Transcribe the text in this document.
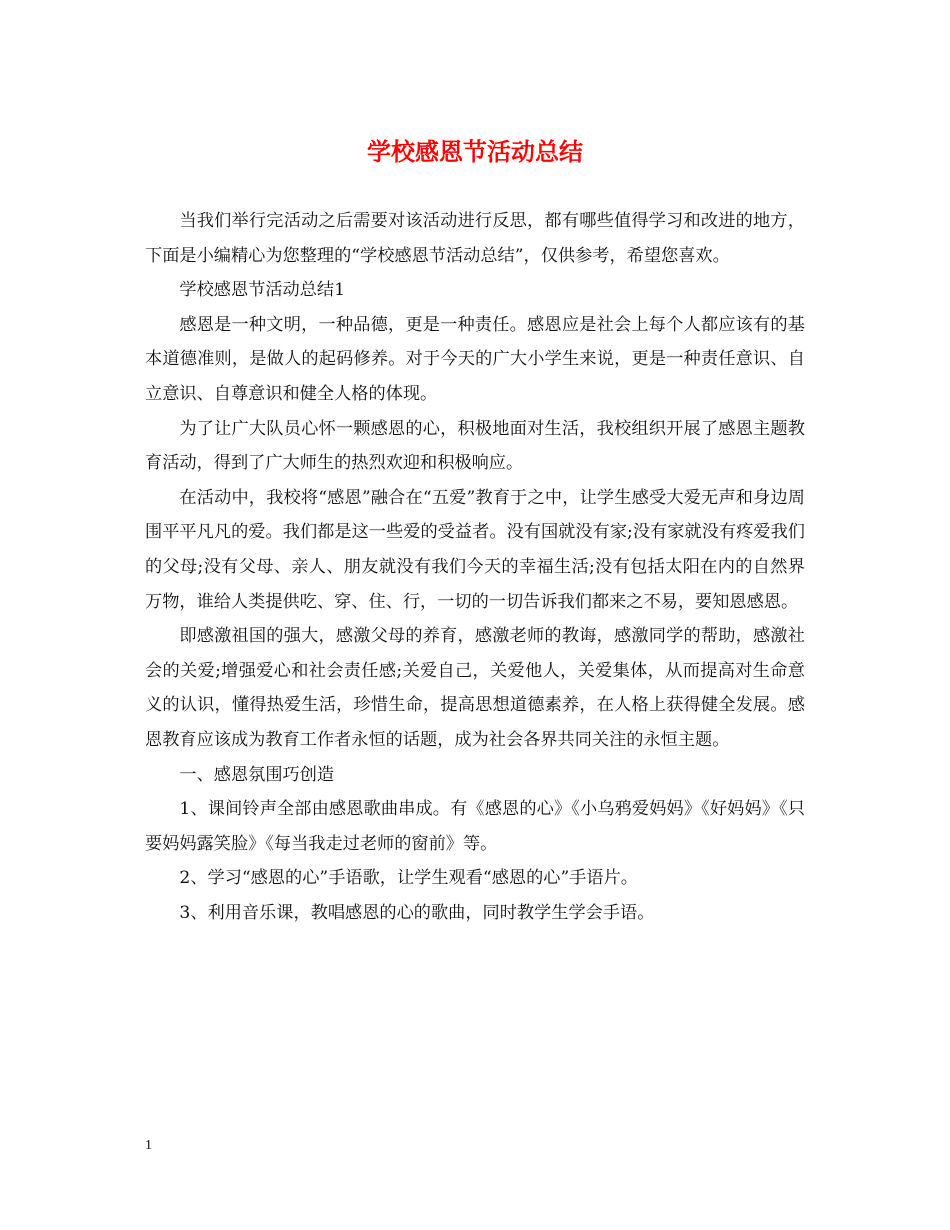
学校感恩节活动总结

当我们举行完活动之后需要对该活动进行反思，都有哪些值得学习和改进的地方，下面是小编精心为您整理的“学校感恩节活动总结”，仅供参考，希望您喜欢。

学校感恩节活动总结1

感恩是一种文明，一种品德，更是一种责任。感恩应是社会上每个人都应该有的基本道德准则，是做人的起码修养。对于今天的广大小学生来说，更是一种责任意识、自立意识、自尊意识和健全人格的体现。

为了让广大队员心怀一颗感恩的心，积极地面对生活，我校组织开展了感恩主题教育活动，得到了广大师生的热烈欢迎和积极响应。

在活动中，我校将“感恩”融合在“五爱”教育于之中，让学生感受大爱无声和身边周围平平凡凡的爱。我们都是这一些爱的受益者。没有国就没有家;没有家就没有疼爱我们的父母;没有父母、亲人、朋友就没有我们今天的幸福生活;没有包括太阳在内的自然界万物，谁给人类提供吃、穿、住、行，一切的一切告诉我们都来之不易，要知恩感恩。

即感激祖国的强大，感激父母的养育，感激老师的教诲，感激同学的帮助，感激社会的关爱;增强爱心和社会责任感;关爱自己，关爱他人，关爱集体，从而提高对生命意义的认识，懂得热爱生活，珍惜生命，提高思想道德素养，在人格上获得健全发展。感恩教育应该成为教育工作者永恒的话题，成为社会各界共同关注的永恒主题。

一、感恩氛围巧创造

1、课间铃声全部由感恩歌曲串成。有《感恩的心》《小乌鸦爱妈妈》《好妈妈》《只要妈妈露笑脸》《每当我走过老师的窗前》等。

2、学习“感恩的心”手语歌，让学生观看“感恩的心”手语片。

3、利用音乐课，教唱感恩的心的歌曲，同时教学生学会手语。

1
